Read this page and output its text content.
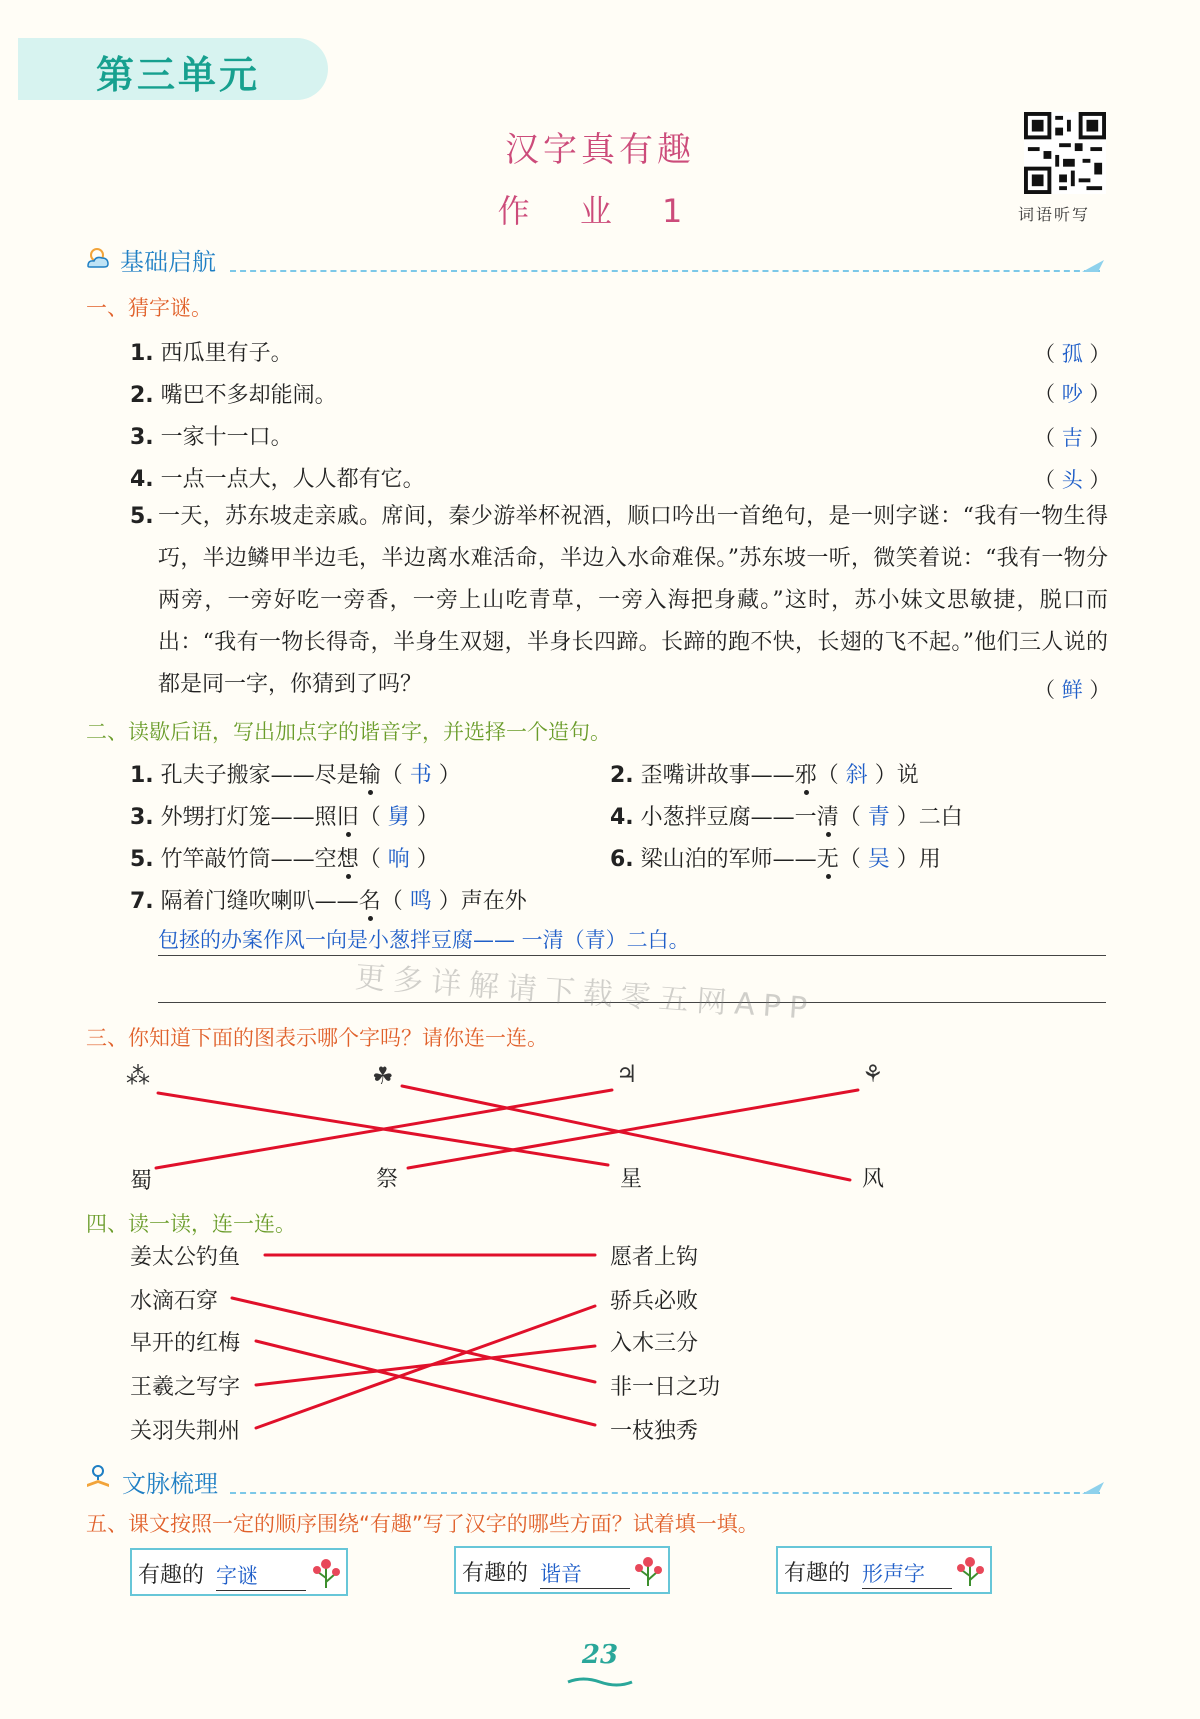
第三单元
汉字真有趣
作 业 1	词语听写
基础启航
一、猜字谜。
1. 西瓜里有子。	（ 孤 ）
2. 嘴巴不多却能闹。	（ 吵 ）
3. 一家十一口。	（ 吉 ）
4. 一点一点大，人人都有它。	（ 头 ）
5. 一天，苏东坡走亲戚。席间，秦少游举杯祝酒，顺口吟出一首绝句，是一则字谜：“我有一物生得巧，半边鳞甲半边毛，半边离水难活命，半边入水命难保。”苏东坡一听，微笑着说：“我有一物分两旁，一旁好吃一旁香，一旁上山吃青草，一旁入海把身藏。”这时，苏小妹文思敏捷，脱口而出：“我有一物长得奇，半身生双翅，半身长四蹄。长蹄的跑不快，长翅的飞不起。”他们三人说的都是同一字，你猜到了吗？	（ 鲜 ）
二、读歇后语，写出加点字的谐音字，并选择一个造句。
1. 孔夫子搬家——尽是输（ 书 ）	2. 歪嘴讲故事——邪（ 斜 ）说
3. 外甥打灯笼——照旧（ 舅 ）	4. 小葱拌豆腐——一清（ 青 ）二白
5. 竹竿敲竹筒——空想（ 响 ）	6. 梁山泊的军师——无（ 吴 ）用
7. 隔着门缝吹喇叭——名（ 鸣 ）声在外
包拯的办案作风一向是小葱拌豆腐—— 一清（青）二白。
更多详解请下载零五网APP
三、你知道下面的图表示哪个字吗？请你连一连。
⁂	☘	♃	⚘
蜀	祭	星	风
四、读一读，连一连。
姜太公钓鱼
水滴石穿
早开的红梅
王羲之写字
关羽失荆州
愿者上钩
骄兵必败
入木三分
非一日之功
一枝独秀
文脉梳理
五、课文按照一定的顺序围绕“有趣”写了汉字的哪些方面？试着填一填。
有趣的 字谜	有趣的 谐音	有趣的 形声字
23
